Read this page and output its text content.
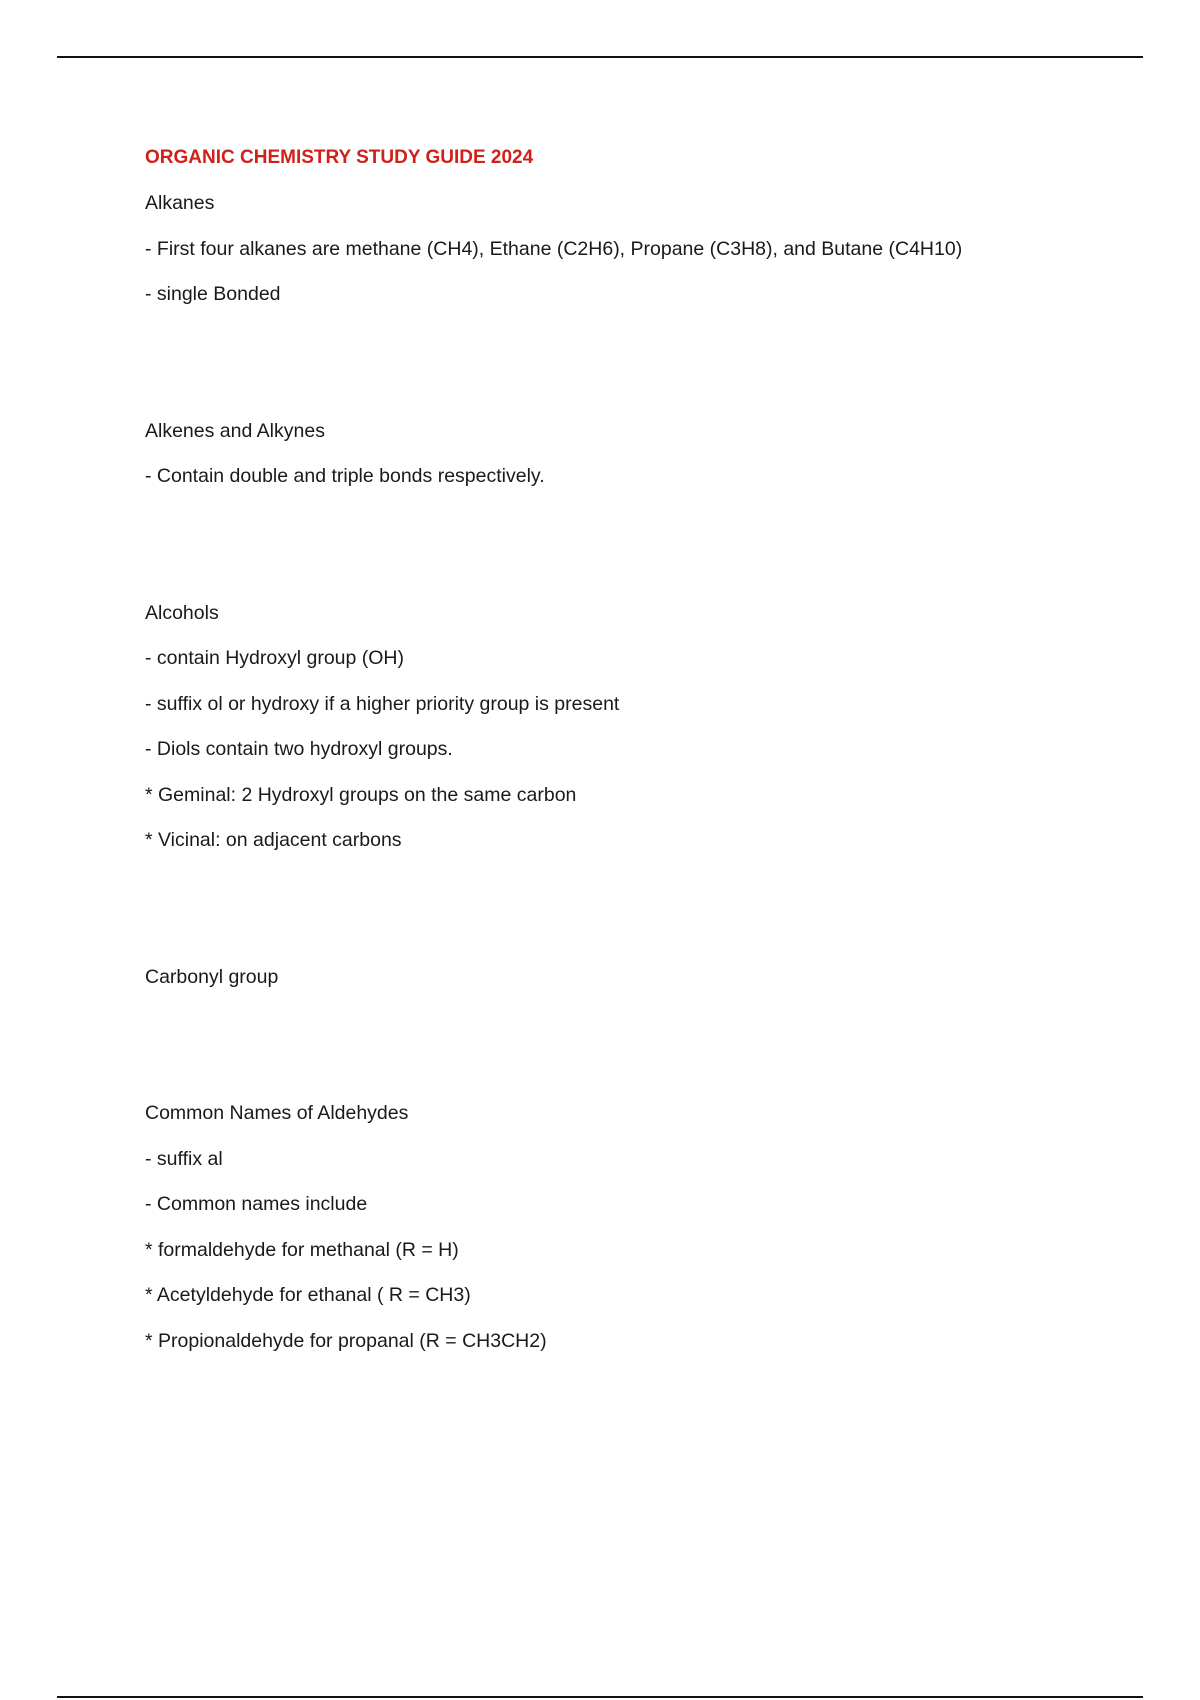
ORGANIC CHEMISTRY STUDY GUIDE 2024
Alkanes
- First four alkanes are methane (CH4), Ethane (C2H6), Propane (C3H8), and Butane (C4H10)
- single Bonded
Alkenes and Alkynes
- Contain double and triple bonds respectively.
Alcohols
- contain Hydroxyl group (OH)
- suffix ol or hydroxy if a higher priority group is present
- Diols contain two hydroxyl groups.
* Geminal: 2 Hydroxyl groups on the same carbon
* Vicinal: on adjacent carbons
Carbonyl group
Common Names of Aldehydes
- suffix al
- Common names include
* formaldehyde for methanal (R = H)
* Acetyldehyde for ethanal ( R = CH3)
* Propionaldehyde for propanal (R = CH3CH2)
